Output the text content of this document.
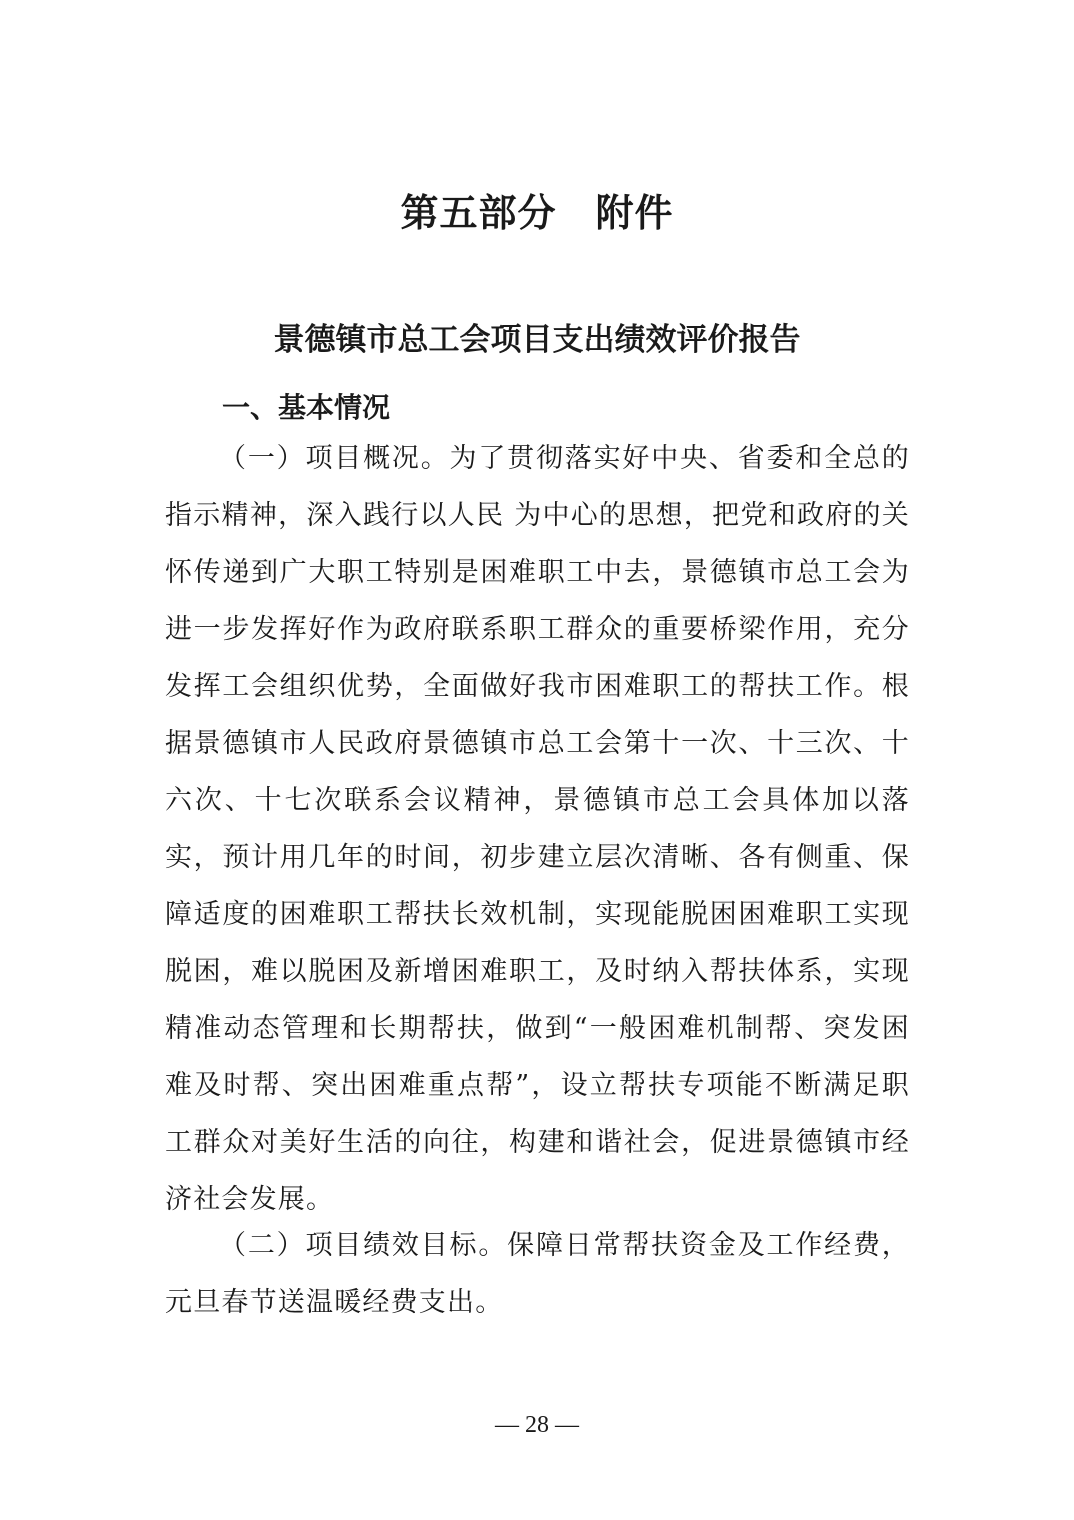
第五部分　附件
景德镇市总工会项目支出绩效评价报告
一、基本情况

（一）项目概况。为了贯彻落实好中央、省委和全总的指示精神，深入践行以人民 为中心的思想，把党和政府的关怀传递到广大职工特别是困难职工中去，景德镇市总工会为进一步发挥好作为政府联系职工群众的重要桥梁作用，充分发挥工会组织优势，全面做好我市困难职工的帮扶工作。根据景德镇市人民政府景德镇市总工会第十一次、十三次、十六次、十七次联系会议精神，景德镇市总工会具体加以落实，预计用几年的时间，初步建立层次清晰、各有侧重、保障适度的困难职工帮扶长效机制，实现能脱困困难职工实现脱困，难以脱困及新增困难职工，及时纳入帮扶体系，实现精准动态管理和长期帮扶，做到“一般困难机制帮、突发困难及时帮、突出困难重点帮”，设立帮扶专项能不断满足职工群众对美好生活的向往，构建和谐社会，促进景德镇市经济社会发展。

（二）项目绩效目标。保障日常帮扶资金及工作经费，元旦春节送温暖经费支出。

— 28 —
